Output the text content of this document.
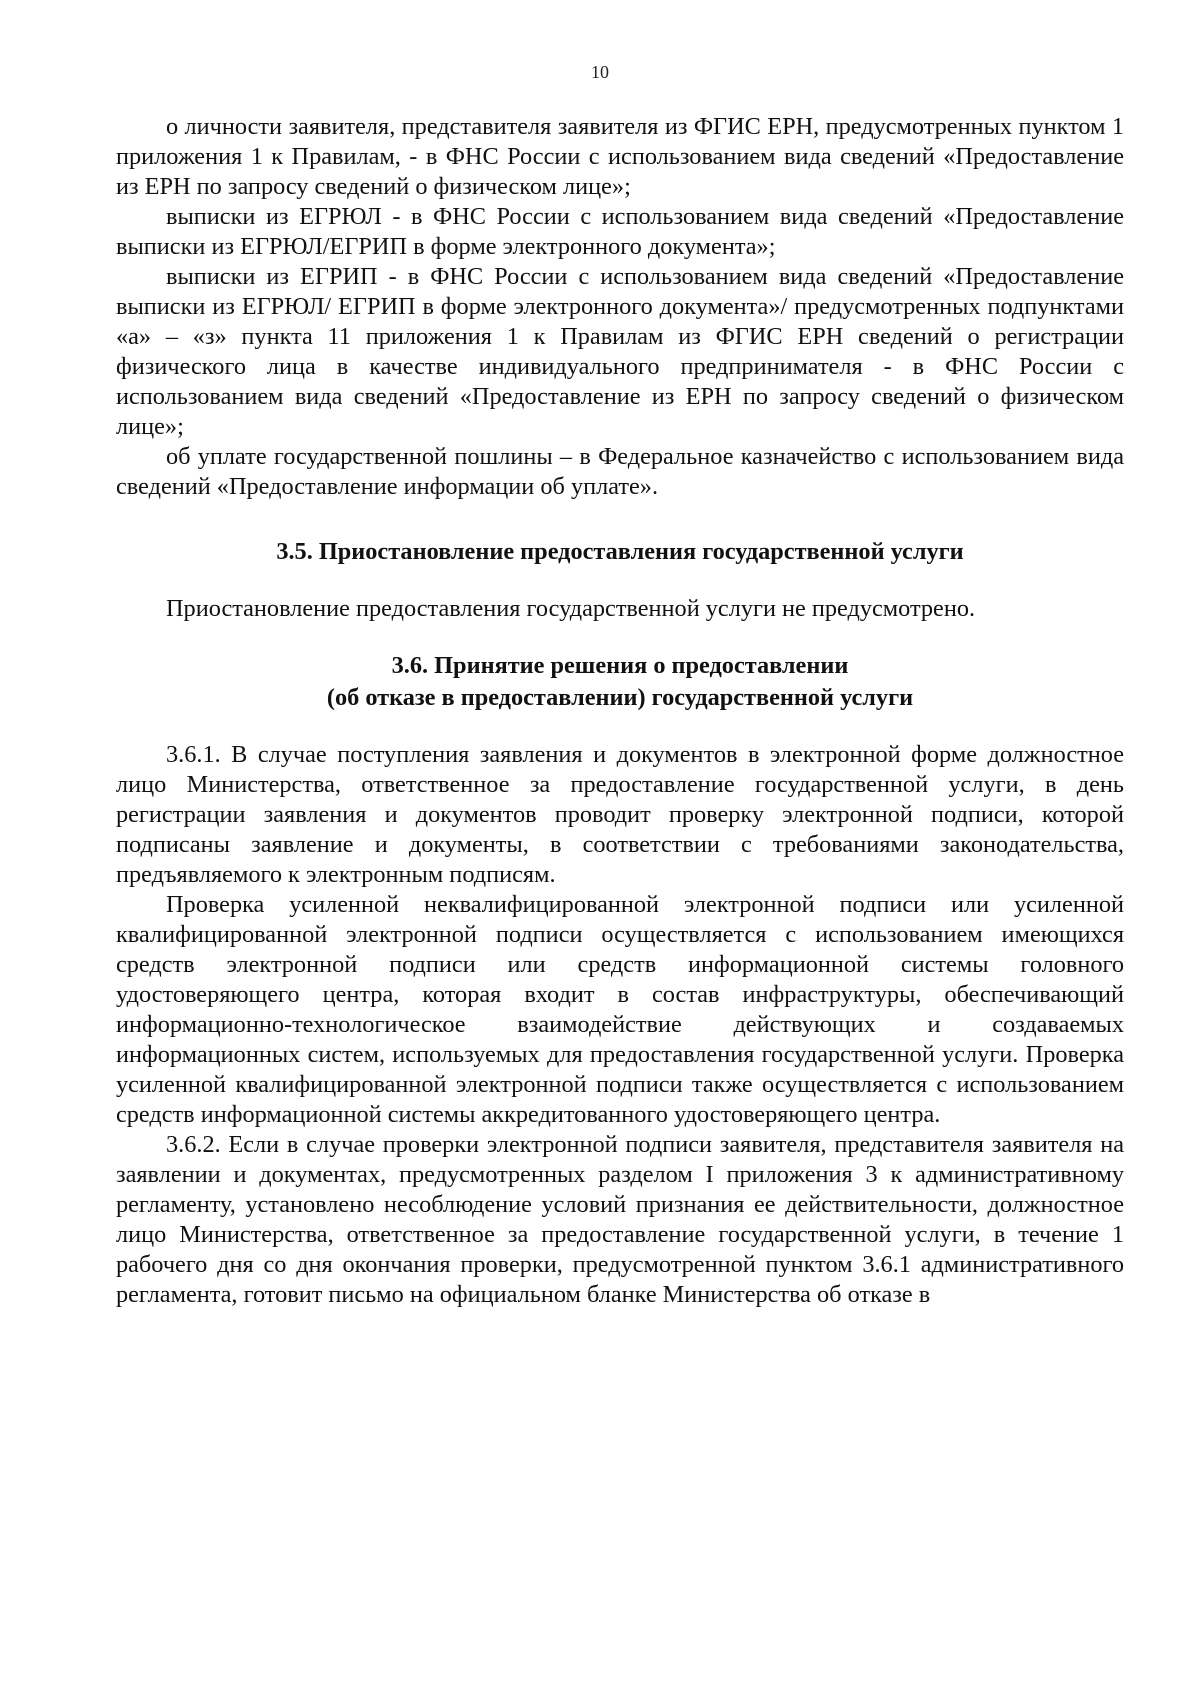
10

о личности заявителя, представителя заявителя из ФГИС ЕРН, предусмотренных пунктом 1 приложения 1 к Правилам, - в ФНС России с использованием вида сведений «Предоставление из ЕРН по запросу сведений о физическом лице»;

выписки из ЕГРЮЛ - в ФНС России с использованием вида сведений «Предоставление выписки из ЕГРЮЛ/ЕГРИП в форме электронного документа»;

выписки из ЕГРИП - в ФНС России с использованием вида сведений «Предоставление выписки из ЕГРЮЛ/ ЕГРИП в форме электронного документа»/ предусмотренных подпунктами «а» – «з» пункта 11 приложения 1 к Правилам из ФГИС ЕРН сведений о регистрации физического лица в качестве индивидуального предпринимателя - в ФНС России с использованием вида сведений «Предоставление из ЕРН по запросу сведений о физическом лице»;

об уплате государственной пошлины – в Федеральное казначейство с использованием вида сведений «Предоставление информации об уплате».

3.5. Приостановление предоставления государственной услуги

Приостановление предоставления государственной услуги не предусмотрено.

3.6. Принятие решения о предоставлении
(об отказе в предоставлении) государственной услуги

3.6.1. В случае поступления заявления и документов в электронной форме должностное лицо Министерства, ответственное за предоставление государственной услуги, в день регистрации заявления и документов проводит проверку электронной подписи, которой подписаны заявление и документы, в соответствии с требованиями законодательства, предъявляемого к электронным подписям.

Проверка усиленной неквалифицированной электронной подписи или усиленной квалифицированной электронной подписи осуществляется с использованием имеющихся средств электронной подписи или средств информационной системы головного удостоверяющего центра, которая входит в состав инфраструктуры, обеспечивающий информационно-технологическое взаимодействие действующих и создаваемых информационных систем, используемых для предоставления государственной услуги. Проверка усиленной квалифицированной электронной подписи также осуществляется с использованием средств информационной системы аккредитованного удостоверяющего центра.

3.6.2. Если в случае проверки электронной подписи заявителя, представителя заявителя на заявлении и документах, предусмотренных разделом I приложения 3 к административному регламенту, установлено несоблюдение условий признания ее действительности, должностное лицо Министерства, ответственное за предоставление государственной услуги, в течение 1 рабочего дня со дня окончания проверки, предусмотренной пунктом 3.6.1 административного регламента, готовит письмо на официальном бланке Министерства об отказе в
